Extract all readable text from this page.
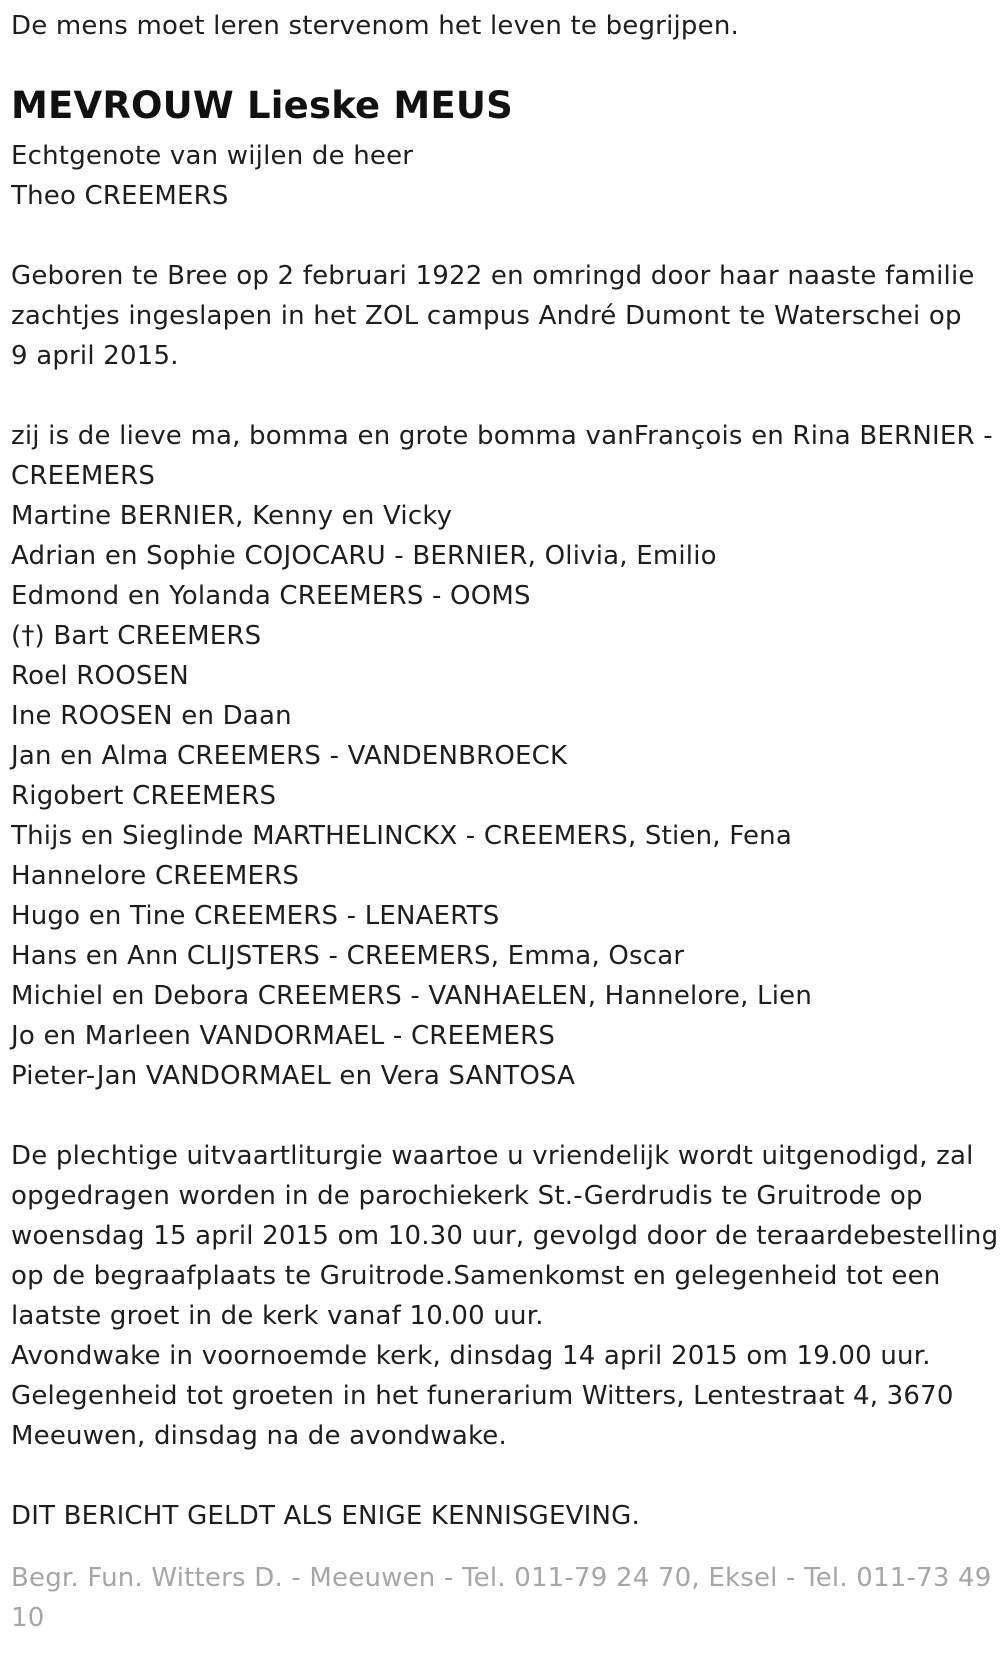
De mens moet leren stervenom het leven te begrijpen.
MEVROUW Lieske MEUS
Echtgenote van wijlen de heer
Theo CREEMERS
Geboren te Bree op 2 februari 1922 en omringd door haar naaste familie
zachtjes ingeslapen in het ZOL campus André Dumont te Waterschei op
9 april 2015.
zij is de lieve ma, bomma en grote bomma vanFrançois en Rina BERNIER -
CREEMERS
Martine BERNIER, Kenny en Vicky
Adrian en Sophie COJOCARU - BERNIER, Olivia, Emilio
Edmond en Yolanda CREEMERS - OOMS
(†) Bart CREEMERS
Roel ROOSEN
Ine ROOSEN en Daan
Jan en Alma CREEMERS - VANDENBROECK
Rigobert CREEMERS
Thijs en Sieglinde MARTHELINCKX - CREEMERS, Stien, Fena
Hannelore CREEMERS
Hugo en Tine CREEMERS - LENAERTS
Hans en Ann CLIJSTERS - CREEMERS, Emma, Oscar
Michiel en Debora CREEMERS - VANHAELEN, Hannelore, Lien
Jo en Marleen VANDORMAEL - CREEMERS
Pieter-Jan VANDORMAEL en Vera SANTOSA
De plechtige uitvaartliturgie waartoe u vriendelijk wordt uitgenodigd, zal
opgedragen worden in de parochiekerk St.-Gerdrudis te Gruitrode op
woensdag 15 april 2015 om 10.30 uur, gevolgd door de teraardebestelling
op de begraafplaats te Gruitrode.Samenkomst en gelegenheid tot een
laatste groet in de kerk vanaf 10.00 uur.
Avondwake in voornoemde kerk, dinsdag 14 april 2015 om 19.00 uur.
Gelegenheid tot groeten in het funerarium Witters, Lentestraat 4, 3670
Meeuwen, dinsdag na de avondwake.
DIT BERICHT GELDT ALS ENIGE KENNISGEVING.
Begr. Fun. Witters D. - Meeuwen - Tel. 011-79 24 70, Eksel - Tel. 011-73 49
10
